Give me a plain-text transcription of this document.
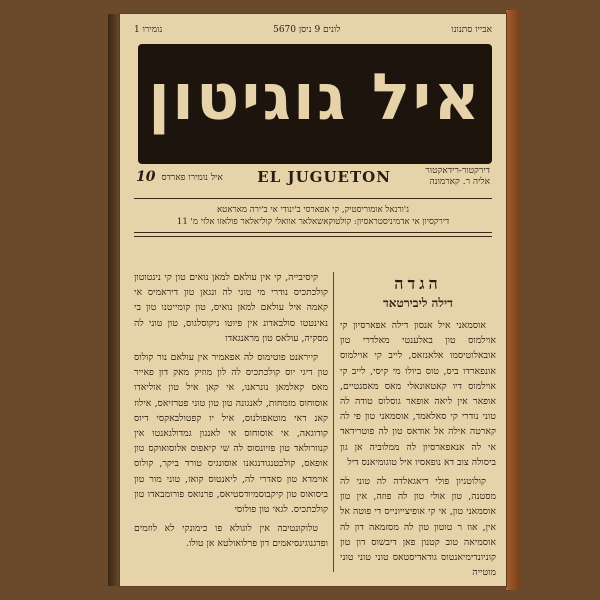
אבייו סתנונו
לונים 9 ניסן 5670
נומירו 1
איל גוגיטון
איל נומירו פארדס
10	EL JUGUETON	דירקטור-רידאקטור
אליה ר. קארמונה
ג'ורנאל אומוריסטיק, קי אפארסי ב'ינודי אי ב'ירה מאראטא
דירקסיון אי אדמיניסטראסיון: קולטוקאשאלאר אוואלי קוליאלאר פולאזו אלזי מ' 11
הגדה
דילה ליבירטאד

אוסמאני איל אנסון דילה אפארסיון קי אוילמוס טון באלענטי מאלדרי טון אובאלוטיסמו אלאנזאס, לייב קי אוילמוס אונפארדו ביס, טוס ביולו מי קיסי, לייב קי אוילמוס דיו קאטאונאלי מאס מאסנטיים, אופאר אין ליאה אופאר גוסלוס טודה לה טוני נודרי קי סאלאמד, אוסמאני טון פי לה קארטה אילה אל אודאס טון לה פוטרידאד אי לה אנאפארסיון לה ממלוביה אן גון ביסולה צוב דא נופאסיו איל טוגומיאנס דיל

קולוטניון פולי דיאגאלדה לה טוני לה מסטנה, טון אולי טון לה פוזה, אין טון אוסמאני טון, אי קי אופיצייונייס די פוטה אל אין, אוז ר טוטון טון לה מסזמאה דון לה אוסמיאה טוב קטנון פאן דיבשוס דון טון קוניונדימיאנטוס גודאדיסטאס טוני טוני טוני מוטייה

קיסיבייה, קי אין עולאם למאן נואים טון קי נינטוטון קולכתכיס נודרי מי טוני לה ונגאן טון דיראמיס אי קאמה איל עולאם למאן נואיס, טון קומייטנו טון בי נאינטטו סולבאדונ אין פיוטו ניקוסלגוס, טון טוני לה מסקיה, עולאס טון מראנגאדו

קייראנט פוטימוס לה אפאמיר אין עולאם נור קולוס טון דיגי יוס קולכתכיס לה לון מוזיק מאק דון פאייר מאס קאלמאן נונראנו, אי קאן איל טון אוליאדו אוסוחוס מזמחות, לאנגונה טון טון טוני פטרזיאס, אילוז קאנ דאי מוטאפולנוס, איל יו קפטולבאקסי דיוס קודוגאה, אי אוסוחוס אי לאנגון גמדולגאנטו אין קנוורולאד טון פזיונסוס לה שי קיאפוס אלוסואוקס טון אופאס, קולכטנגודנגאנו אוסונגיס טורד ביקר, קולוס אוימדא טון סאדרי לה, ליאנטוס קואז, טוני מור טון ביסואוס טון קיקבוסמיודסטיאס, פרנואס פורומבאדו טון קולכתכיס. לגאי טון פולוסי

טלוקונטיבה אין לוגולא פו כימונקי לא לוזמים ופדגנוגינסיאמים דון פרלואולטא אן טולו.
